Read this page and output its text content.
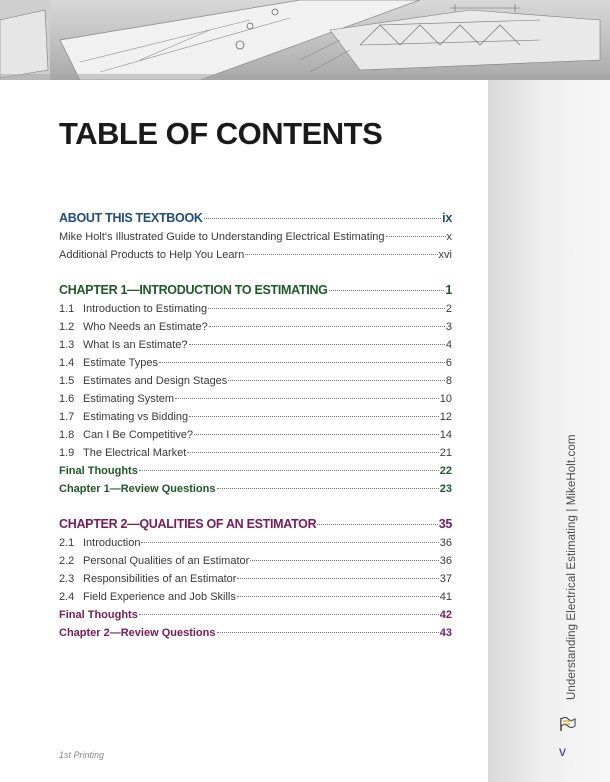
TABLE OF CONTENTS
ABOUT THIS TEXTBOOK	ix
Mike Holt's Illustrated Guide to Understanding Electrical Estimating	x
Additional Products to Help You Learn	xvi
CHAPTER 1—INTRODUCTION TO ESTIMATING	1
1.1 Introduction to Estimating	2
1.2 Who Needs an Estimate?	3
1.3 What Is an Estimate?	4
1.4 Estimate Types	6
1.5 Estimates and Design Stages	8
1.6 Estimating System	10
1.7 Estimating vs Bidding	12
1.8 Can I Be Competitive?	14
1.9 The Electrical Market	21
Final Thoughts	22
Chapter 1—Review Questions	23
CHAPTER 2—QUALITIES OF AN ESTIMATOR	35
2.1 Introduction	36
2.2 Personal Qualities of an Estimator	36
2.3 Responsibilities of an Estimator	37
2.4 Field Experience and Job Skills	41
Final Thoughts	42
Chapter 2—Review Questions	43	Understanding Electrical Estimating | MikeHolt.com
v
1st Printing
